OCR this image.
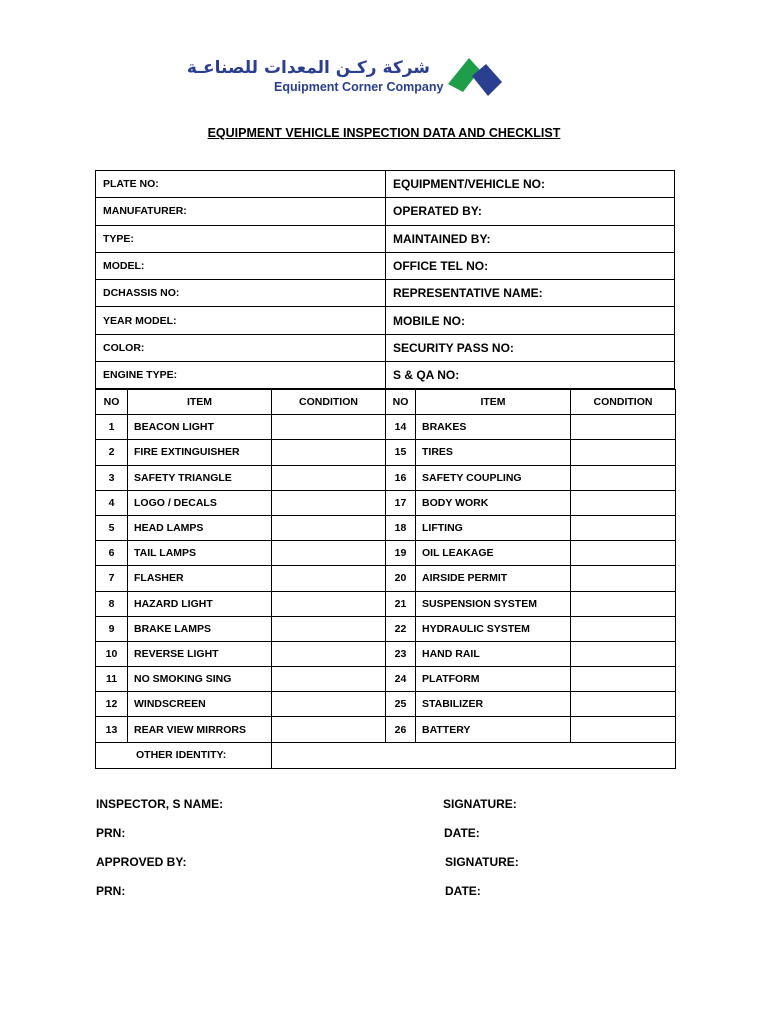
شركة ركـن المعدات للصناعـة
Equipment Corner Company
EQUIPMENT VEHICLE INSPECTION DATA AND CHECKLIST
PLATE NO:	EQUIPMENT/VEHICLE NO:
MANUFATURER:	OPERATED BY:
TYPE:	MAINTAINED BY:
MODEL:	OFFICE TEL NO:
DCHASSIS NO:	REPRESENTATIVE NAME:
YEAR MODEL:	MOBILE NO:
COLOR:	SECURITY PASS NO:
ENGINE TYPE:	S & QA NO:
NO	ITEM	CONDITION	NO	ITEM	CONDITION
1	BEACON LIGHT		14	BRAKES	
2	FIRE EXTINGUISHER		15	TIRES	
3	SAFETY TRIANGLE		16	SAFETY COUPLING	
4	LOGO / DECALS		17	BODY WORK	
5	HEAD LAMPS		18	LIFTING	
6	TAIL LAMPS		19	OIL LEAKAGE	
7	FLASHER		20	AIRSIDE PERMIT	
8	HAZARD LIGHT		21	SUSPENSION SYSTEM	
9	BRAKE LAMPS		22	HYDRAULIC SYSTEM	
10	REVERSE LIGHT		23	HAND RAIL	
11	NO SMOKING SING		24	PLATFORM	
12	WINDSCREEN		25	STABILIZER	
13	REAR VIEW MIRRORS		26	BATTERY	
OTHER IDENTITY:					
INSPECTOR, S NAME:	SIGNATURE:
PRN:	DATE:
APPROVED BY:	SIGNATURE:
PRN:	DATE:
